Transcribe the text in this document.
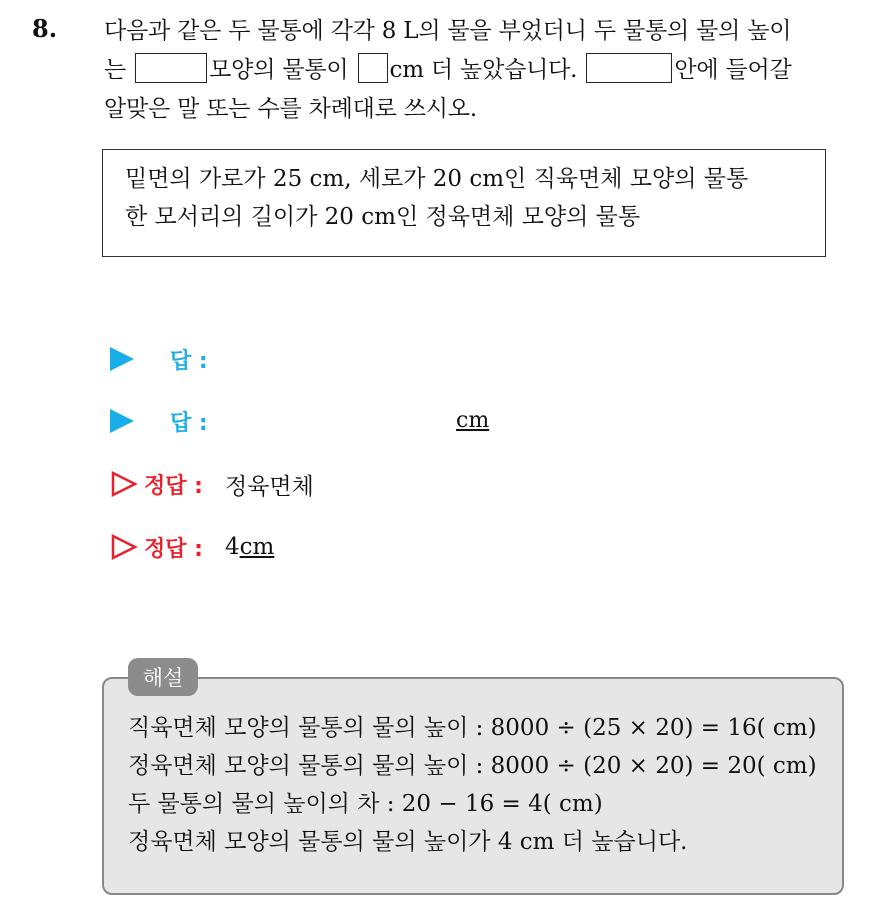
8. 다음과 같은 두 물통에 각각 8 L의 물을 부었더니 두 물통의 물의 높이
는	모양의 물통이 cm 더 높았습니다.	안에 들어갈
알맞은 말 또는 수를 차례대로 쓰시오.
밑면의 가로가 25 cm, 세로가 20 cm인 직육면체 모양의 물통
한 모서리의 길이가 20 cm인 정육면체 모양의 물통
답 :
답 :	cm
정답 : 정육면체
정답 : 4cm
직육면체 모양의 물통의 물의 높이 : 8000 ÷ (25 × 20) = 16( cm)
정육면체 모양의 물통의 물의 높이 : 8000 ÷ (20 × 20) = 20( cm)
두 물통의 물의 높이의 차 : 20 − 16 = 4( cm)
정육면체 모양의 물통의 물의 높이가 4 cm 더 높습니다.
해설
